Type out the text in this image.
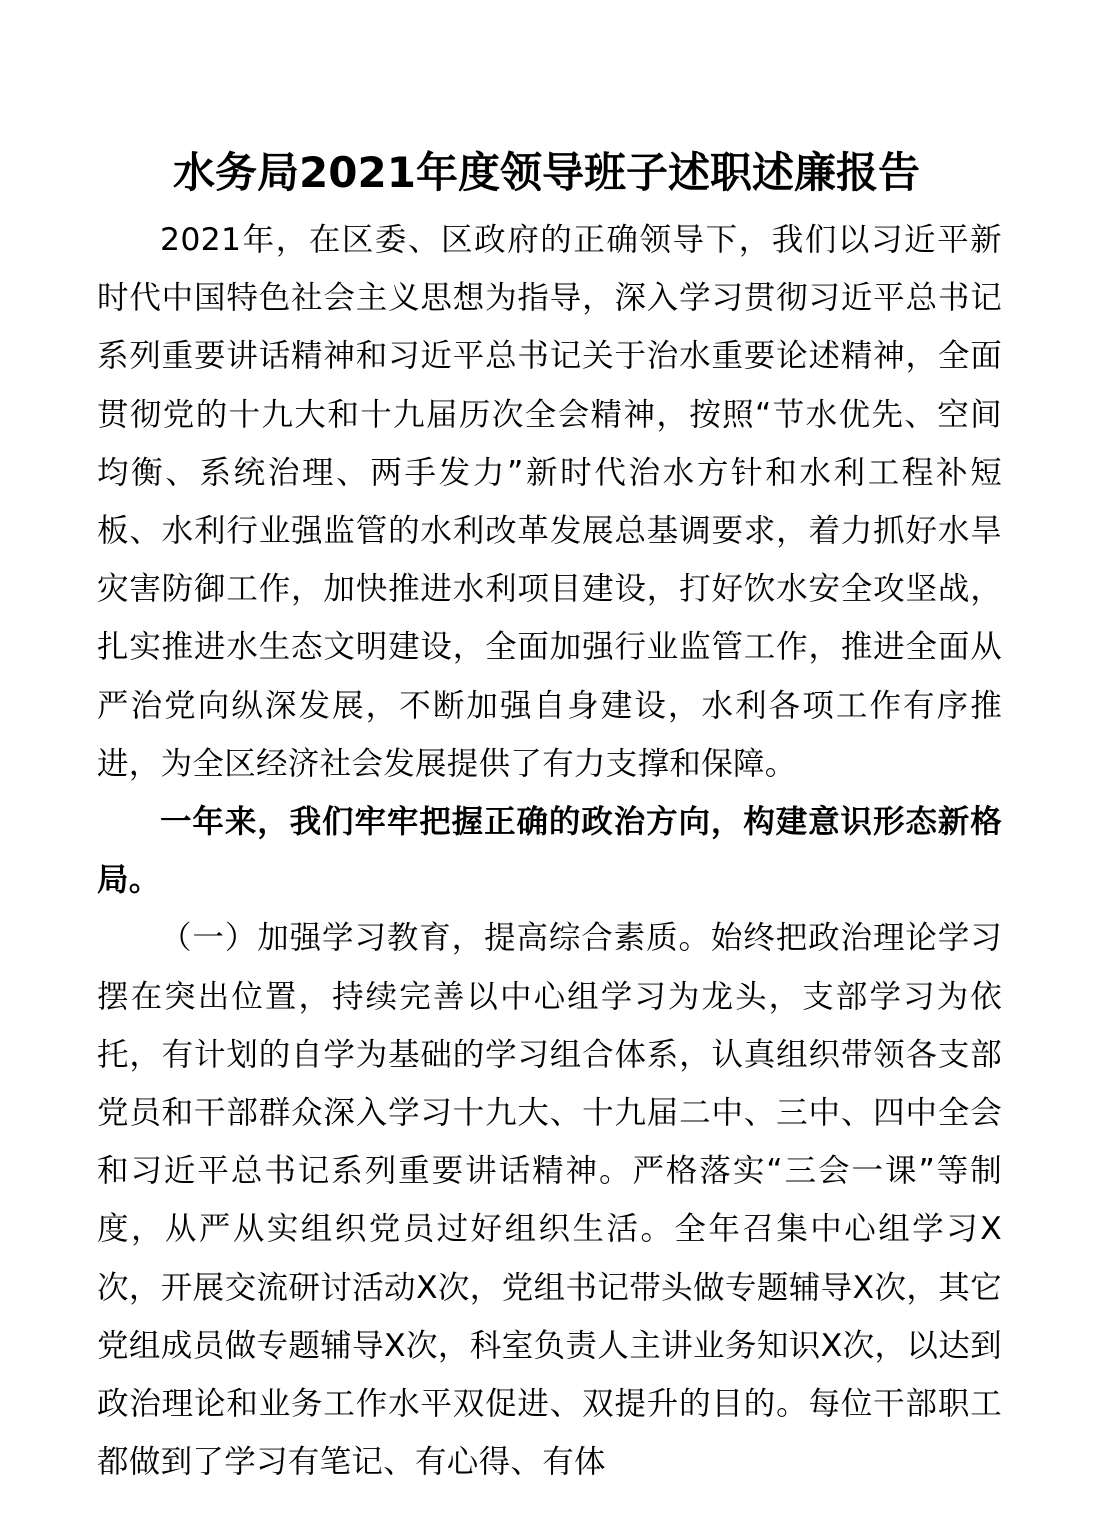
水务局2021年度领导班子述职述廉报告

2021年，在区委、区政府的正确领导下，我们以习近平新时代中国特色社会主义思想为指导，深入学习贯彻习近平总书记系列重要讲话精神和习近平总书记关于治水重要论述精神，全面贯彻党的十九大和十九届历次全会精神，按照“节水优先、空间均衡、系统治理、两手发力”新时代治水方针和水利工程补短板、水利行业强监管的水利改革发展总基调要求，着力抓好水旱灾害防御工作，加快推进水利项目建设，打好饮水安全攻坚战，扎实推进水生态文明建设，全面加强行业监管工作，推进全面从严治党向纵深发展，不断加强自身建设，水利各项工作有序推进，为全区经济社会发展提供了有力支撑和保障。

一年来，我们牢牢把握正确的政治方向，构建意识形态新格局。

（一）加强学习教育，提高综合素质。始终把政治理论学习摆在突出位置，持续完善以中心组学习为龙头，支部学习为依托，有计划的自学为基础的学习组合体系，认真组织带领各支部党员和干部群众深入学习十九大、十九届二中、三中、四中全会和习近平总书记系列重要讲话精神。严格落实“三会一课”等制度，从严从实组织党员过好组织生活。全年召集中心组学习X次，开展交流研讨活动X次，党组书记带头做专题辅导X次，其它党组成员做专题辅导X次，科室负责人主讲业务知识X次，以达到政治理论和业务工作水平双促进、双提升的目的。每位干部职工都做到了学习有笔记、有心得、有体
